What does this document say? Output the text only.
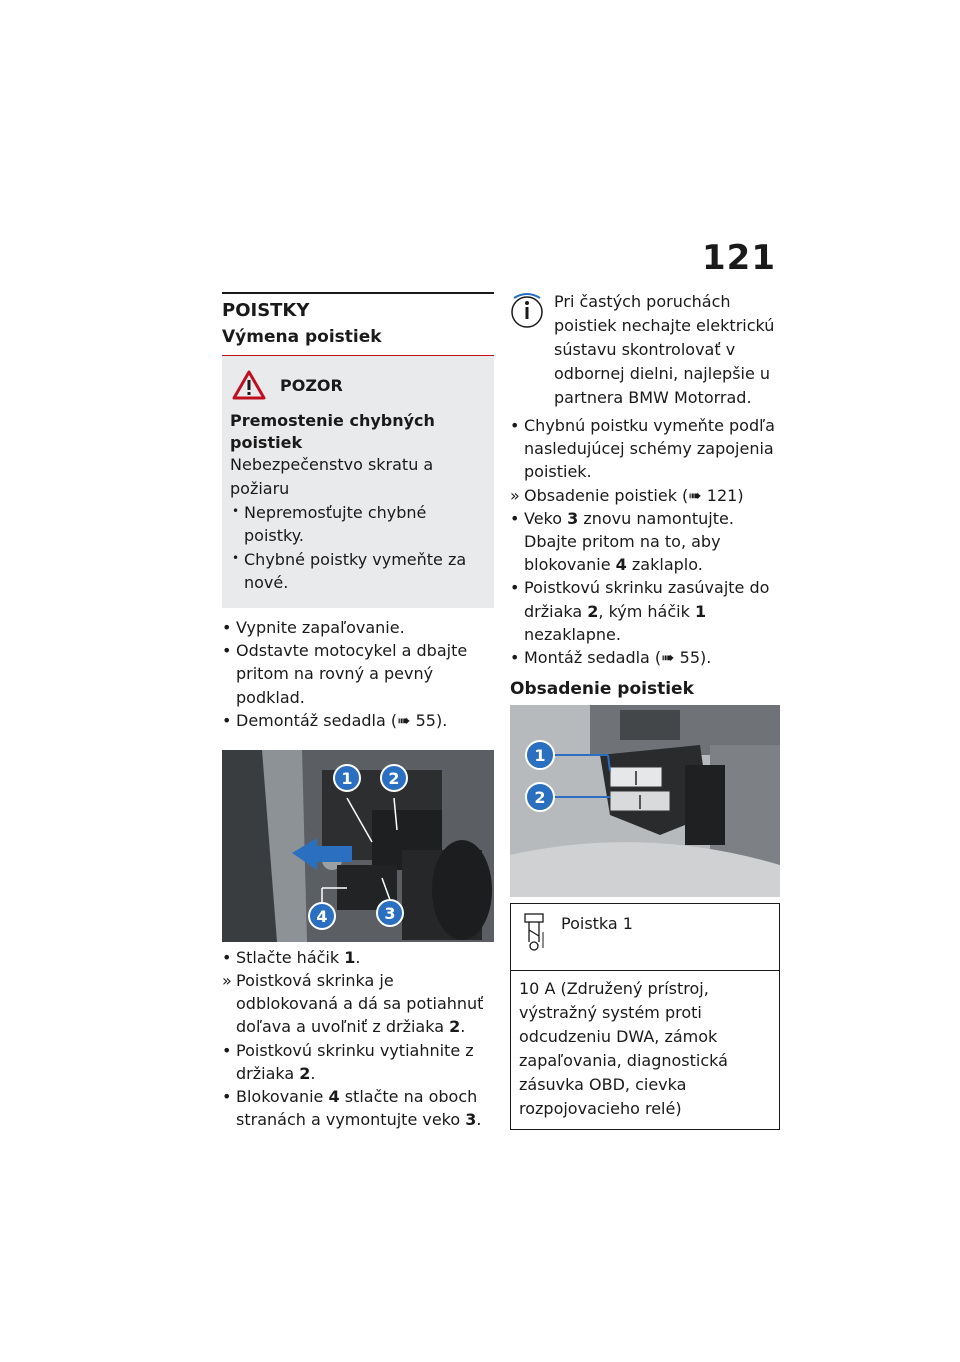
121
POISTKY
Výmena poistiek
POZOR
Premostenie chybných poistiek
Nebezpečenstvo skratu a požiaru
• Nepremosťujte chybné poistky.
• Chybné poistky vymeňte za nové.
• Vypnite zapaľovanie.
• Odstavte motocykel a dbajte pritom na rovný a pevný podklad.
• Demontáž sedadla (➠ 55).
1 2
3
4
• Stlačte háčik 1.
» Poistková skrinka je odblokovaná a dá sa potiahnuť doľava a uvoľniť z držiaka 2.
• Poistkovú skrinku vytiahnite z držiaka 2.
• Blokovanie 4 stlačte na oboch stranách a vymontujte veko 3.
Pri častých poruchách poistiek nechajte elektrickú sústavu skontrolovať v odbornej dielni, najlepšie u partnera BMW Motorrad.
• Chybnú poistku vymeňte podľa nasledujúcej schémy zapojenia poistiek.
» Obsadenie poistiek (➠ 121)
• Veko 3 znovu namontujte. Dbajte pritom na to, aby blokovanie 4 zaklaplo.
• Poistkovú skrinku zasúvajte do držiaka 2, kým háčik 1 nezaklapne.
• Montáž sedadla (➠ 55).
Obsadenie poistiek
1
2
Poistka 1
10 A (Združený prístroj, výstražný systém proti odcudzeniu DWA, zámok zapaľovania, diagnostická zásuvka OBD, cievka rozpojovacieho relé)
